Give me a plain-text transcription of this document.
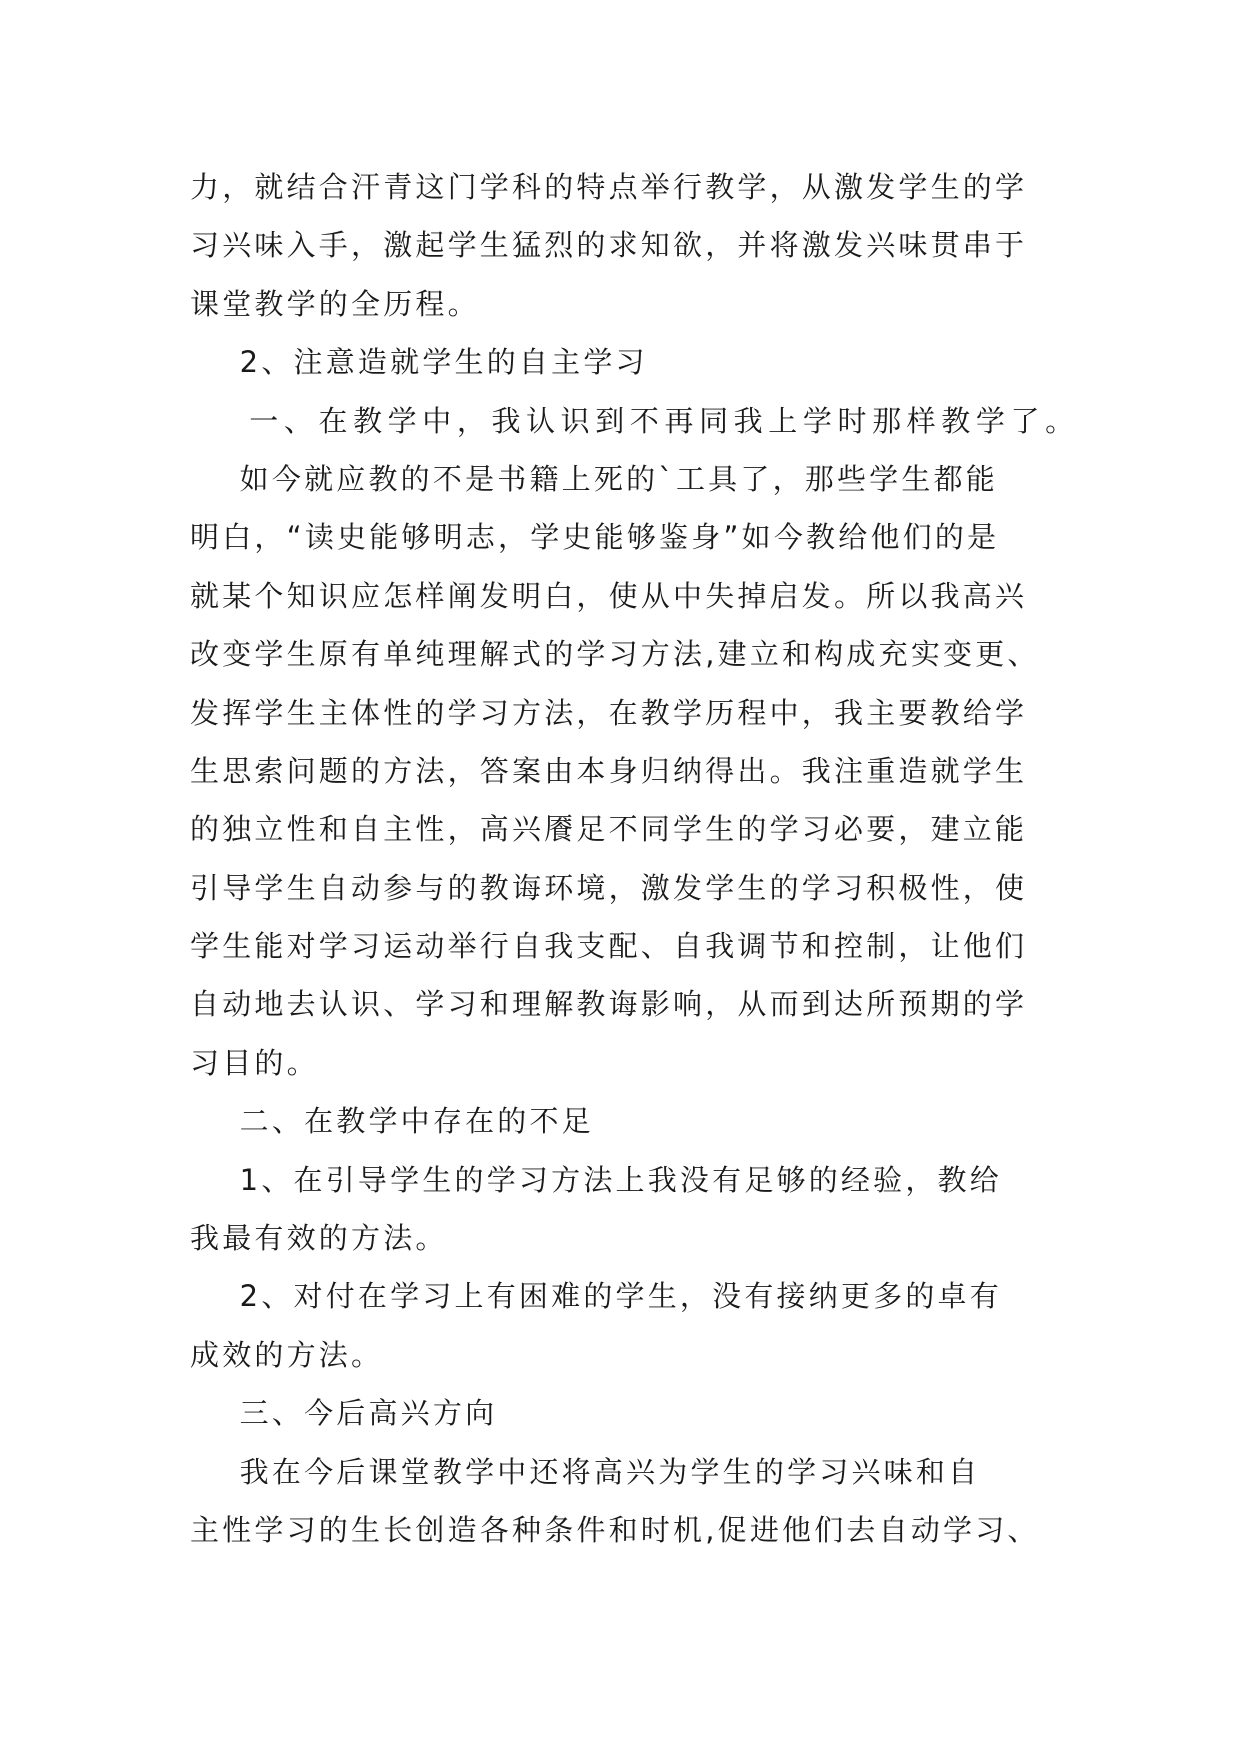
力，就结合汗青这门学科的特点举行教学，从激发学生的学
习兴味入手，激起学生猛烈的求知欲，并将激发兴味贯串于
课堂教学的全历程。
2、注意造就学生的自主学习
一、在教学中，我认识到不再同我上学时那样教学了。
如今就应教的不是书籍上死的`工具了，那些学生都能
明白，“读史能够明志，学史能够鉴身”如今教给他们的是
就某个知识应怎样阐发明白，使从中失掉启发。所以我高兴
改变学生原有单纯理解式的学习方法,建立和构成充实变更、
发挥学生主体性的学习方法，在教学历程中，我主要教给学
生思索问题的方法，答案由本身归纳得出。我注重造就学生
的独立性和自主性，高兴餍足不同学生的学习必要，建立能
引导学生自动参与的教诲环境，激发学生的学习积极性，使
学生能对学习运动举行自我支配、自我调节和控制，让他们
自动地去认识、学习和理解教诲影响，从而到达所预期的学
习目的。
二、在教学中存在的不足
1、在引导学生的学习方法上我没有足够的经验，教给
我最有效的方法。
2、对付在学习上有困难的学生，没有接纳更多的卓有
成效的方法。
三、今后高兴方向
我在今后课堂教学中还将高兴为学生的学习兴味和自
主性学习的生长创造各种条件和时机,促进他们去自动学习、
